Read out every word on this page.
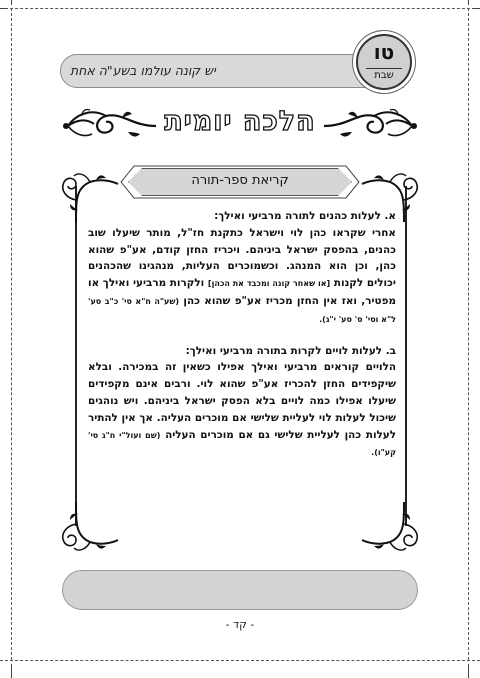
יש קונה עולמו בשע"ה אחת
טו
שבת
הלכה יומית
קריאת ספר-תורה

א. לעלות כהנים לתורה מרביעי ואילך:
אחרי שקראו כהן לוי וישראל כתקנת חז"ל, מותר שיעלו שוב כהנים, בהפסק ישראל ביניהם. ויכריז החזן קודם, אע"פ שהוא כהן, וכן הוא המנהג. וכשמוכרים העליות, מנהגינו שהכהנים יכולים לקנות [או שאחר קונה ומכבד את הכהן] ולקרות מרביעי ואילך או מפטיר, ואז אין החזן מכריז אע"פ שהוא כהן (שע"ה ח"א סי' כ"ב סע' ל"א וסי' ס' סע' י"ג).

ב. לעלות לויים לקרות בתורה מרביעי ואילך:
הלויים קוראים מרביעי ואילך אפילו כשאין זה במכירה. ובלא שיקפידים החזן להכריז אע"פ שהוא לוי. ורבים אינם מקפידים שיעלו אפילו כמה לויים בלא הפסק ישראל ביניהם. ויש נוהגים שיכול לעלות לוי לעליית שלישי אם מוכרים העליה. אך אין להתיר לעלות כהן לעליית שלישי גם אם מוכרים העליה (שם ועול"י ח"ג סי' קע"ו).

- קד -
